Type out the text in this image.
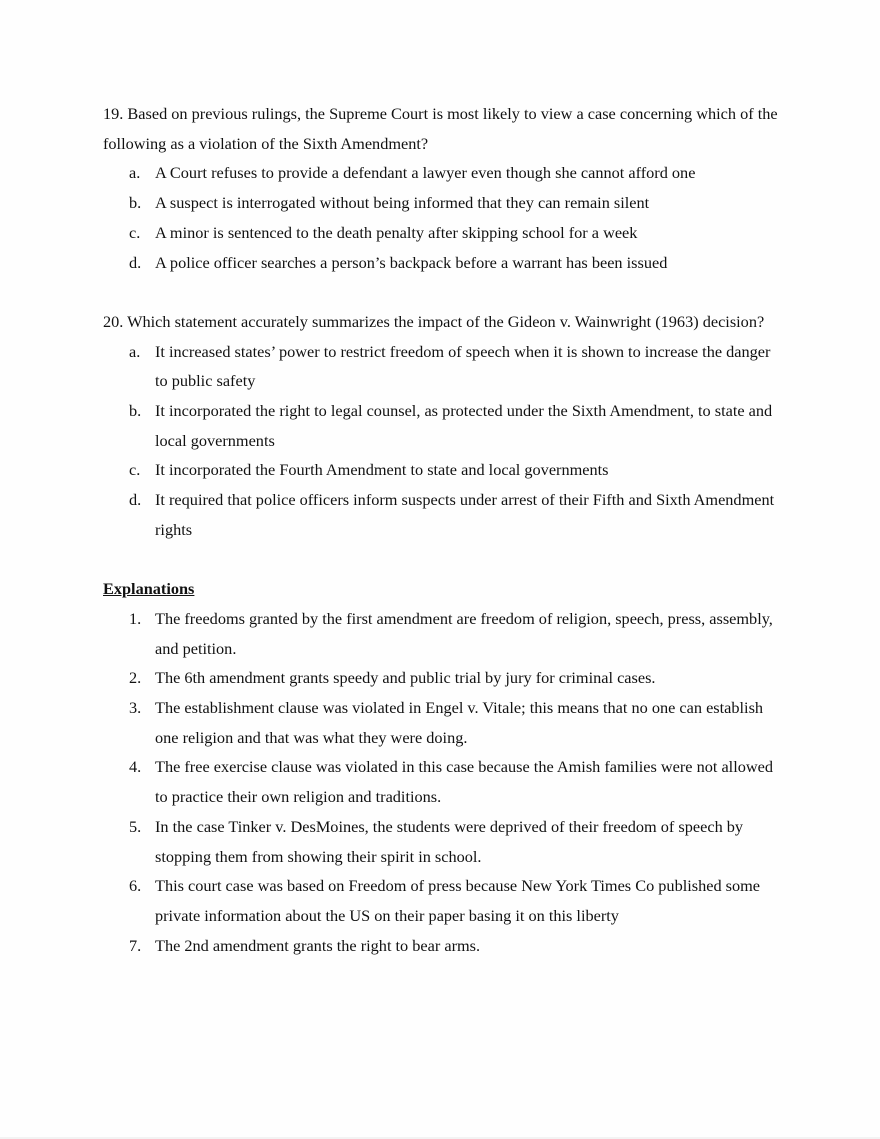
19. Based on previous rulings, the Supreme Court is most likely to view a case concerning which of the following as a violation of the Sixth Amendment?

a. A Court refuses to provide a defendant a lawyer even though she cannot afford one
b. A suspect is interrogated without being informed that they can remain silent
c. A minor is sentenced to the death penalty after skipping school for a week
d. A police officer searches a person’s backpack before a warrant has been issued

20. Which statement accurately summarizes the impact of the Gideon v. Wainwright (1963) decision?

a. It increased states’ power to restrict freedom of speech when it is shown to increase the danger to public safety
b. It incorporated the right to legal counsel, as protected under the Sixth Amendment, to state and local governments
c. It incorporated the Fourth Amendment to state and local governments
d. It required that police officers inform suspects under arrest of their Fifth and Sixth Amendment rights

Explanations

1. The freedoms granted by the first amendment are freedom of religion, speech, press, assembly, and petition.
2. The 6th amendment grants speedy and public trial by jury for criminal cases.
3. The establishment clause was violated in Engel v. Vitale; this means that no one can establish one religion and that was what they were doing.
4. The free exercise clause was violated in this case because the Amish families were not allowed to practice their own religion and traditions.
5. In the case Tinker v. DesMoines, the students were deprived of their freedom of speech by stopping them from showing their spirit in school.
6. This court case was based on Freedom of press because New York Times Co published some private information about the US on their paper basing it on this liberty
7. The 2nd amendment grants the right to bear arms.
